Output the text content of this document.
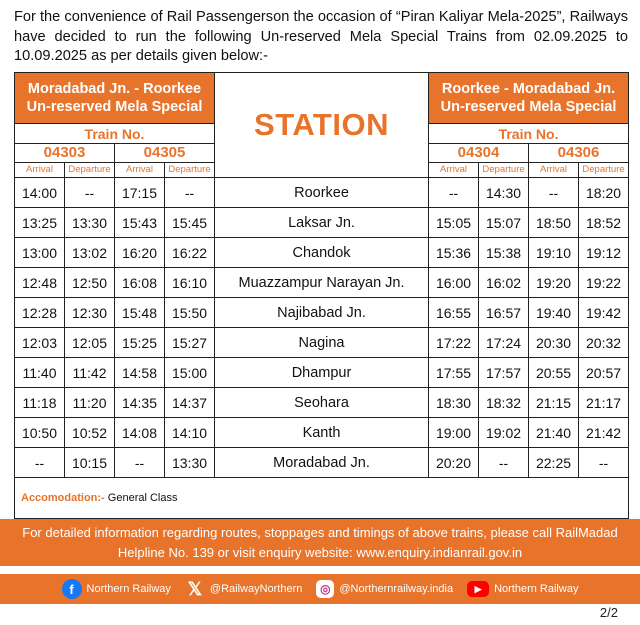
For the convenience of Rail Passengerson the occasion of “Piran Kaliyar Mela-2025”, Railways have decided to run the following Un-reserved Mela Special Trains from 02.09.2025 to 10.09.2025 as per details given below:-
Moradabad Jn. - Roorkee
Un-reserved Mela Special				STATION	Roorkee - Moradabad Jn.
Un-reserved Mela Special			
Train No.					Train No.			
04303		04305			04304		04306	
Arrival	Departure	Arrival	Departure		Arrival	Departure	Arrival	Departure
14:00	--	17:15	--	Roorkee	--	14:30	--	18:20
13:25	13:30	15:43	15:45	Laksar Jn.	15:05	15:07	18:50	18:52
13:00	13:02	16:20	16:22	Chandok	15:36	15:38	19:10	19:12
12:48	12:50	16:08	16:10	Muazzampur Narayan Jn.	16:00	16:02	19:20	19:22
12:28	12:30	15:48	15:50	Najibabad Jn.	16:55	16:57	19:40	19:42
12:03	12:05	15:25	15:27	Nagina	17:22	17:24	20:30	20:32
11:40	11:42	14:58	15:00	Dhampur	17:55	17:57	20:55	20:57
11:18	11:20	14:35	14:37	Seohara	18:30	18:32	21:15	21:17
10:50	10:52	14:08	14:10	Kanth	19:00	19:02	21:40	21:42
--	10:15	--	13:30	Moradabad Jn.	20:20	--	22:25	--
Accomodation:- General Class								
For detailed information regarding routes, stoppages and timings of above trains, please call RailMadad Helpline No. 139 or visit enquiry website: www.enquiry.indianrail.gov.in
f	Northern Railway 𝕏 @RailwayNorthern	◎ @Northernrailway.india	▶	Northern Railway
2/2
